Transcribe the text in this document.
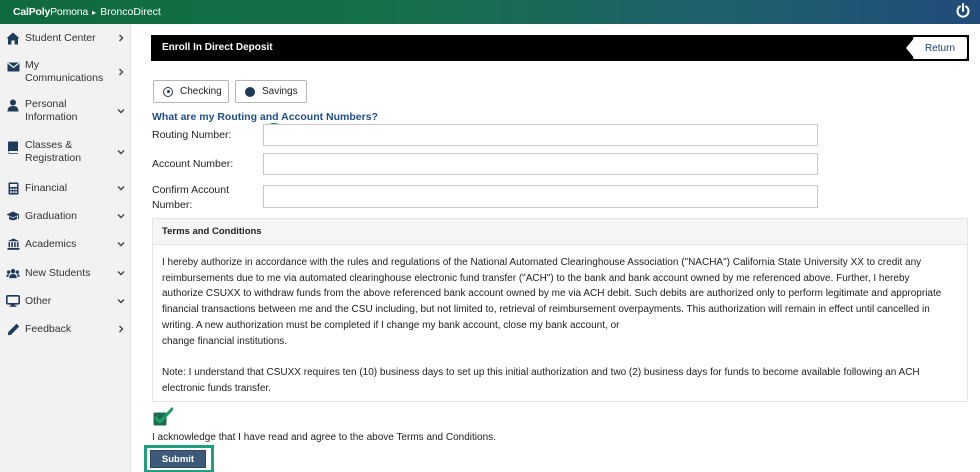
CalPolyPomona ▸ BroncoDirect
Student Center
My Communications
Personal Information
Classes & Registration
Financial
Graduation
Academics
New Students
Other
Feedback
Enroll In Direct Deposit	Return
Checking	Savings
What are my Routing and Account Numbers?
Routing Number:
Account Number:
Confirm Account
Number:
Terms and Conditions

I hereby authorize in accordance with the rules and regulations of the National Automated Clearinghouse Association ("NACHA") California State University XX to credit any
reimbursements due to me via automated clearinghouse electronic fund transfer ("ACH") to the bank and bank account owned by me referenced above. Further, I hereby
authorize CSUXX to withdraw funds from the above referenced bank account owned by me via ACH debit. Such debits are authorized only to perform legitimate and appropriate
financial transactions between me and the CSU including, but not limited to, retrieval of reimbursement overpayments. This authorization will remain in effect until cancelled in
writing. A new authorization must be completed if I change my bank account, close my bank account, or
change financial institutions.

Note: I understand that CSUXX requires ten (10) business days to set up this initial authorization and two (2) business days for funds to become available following an ACH
electronic funds transfer.

I acknowledge that I have read and agree to the above Terms and Conditions.
Submit
